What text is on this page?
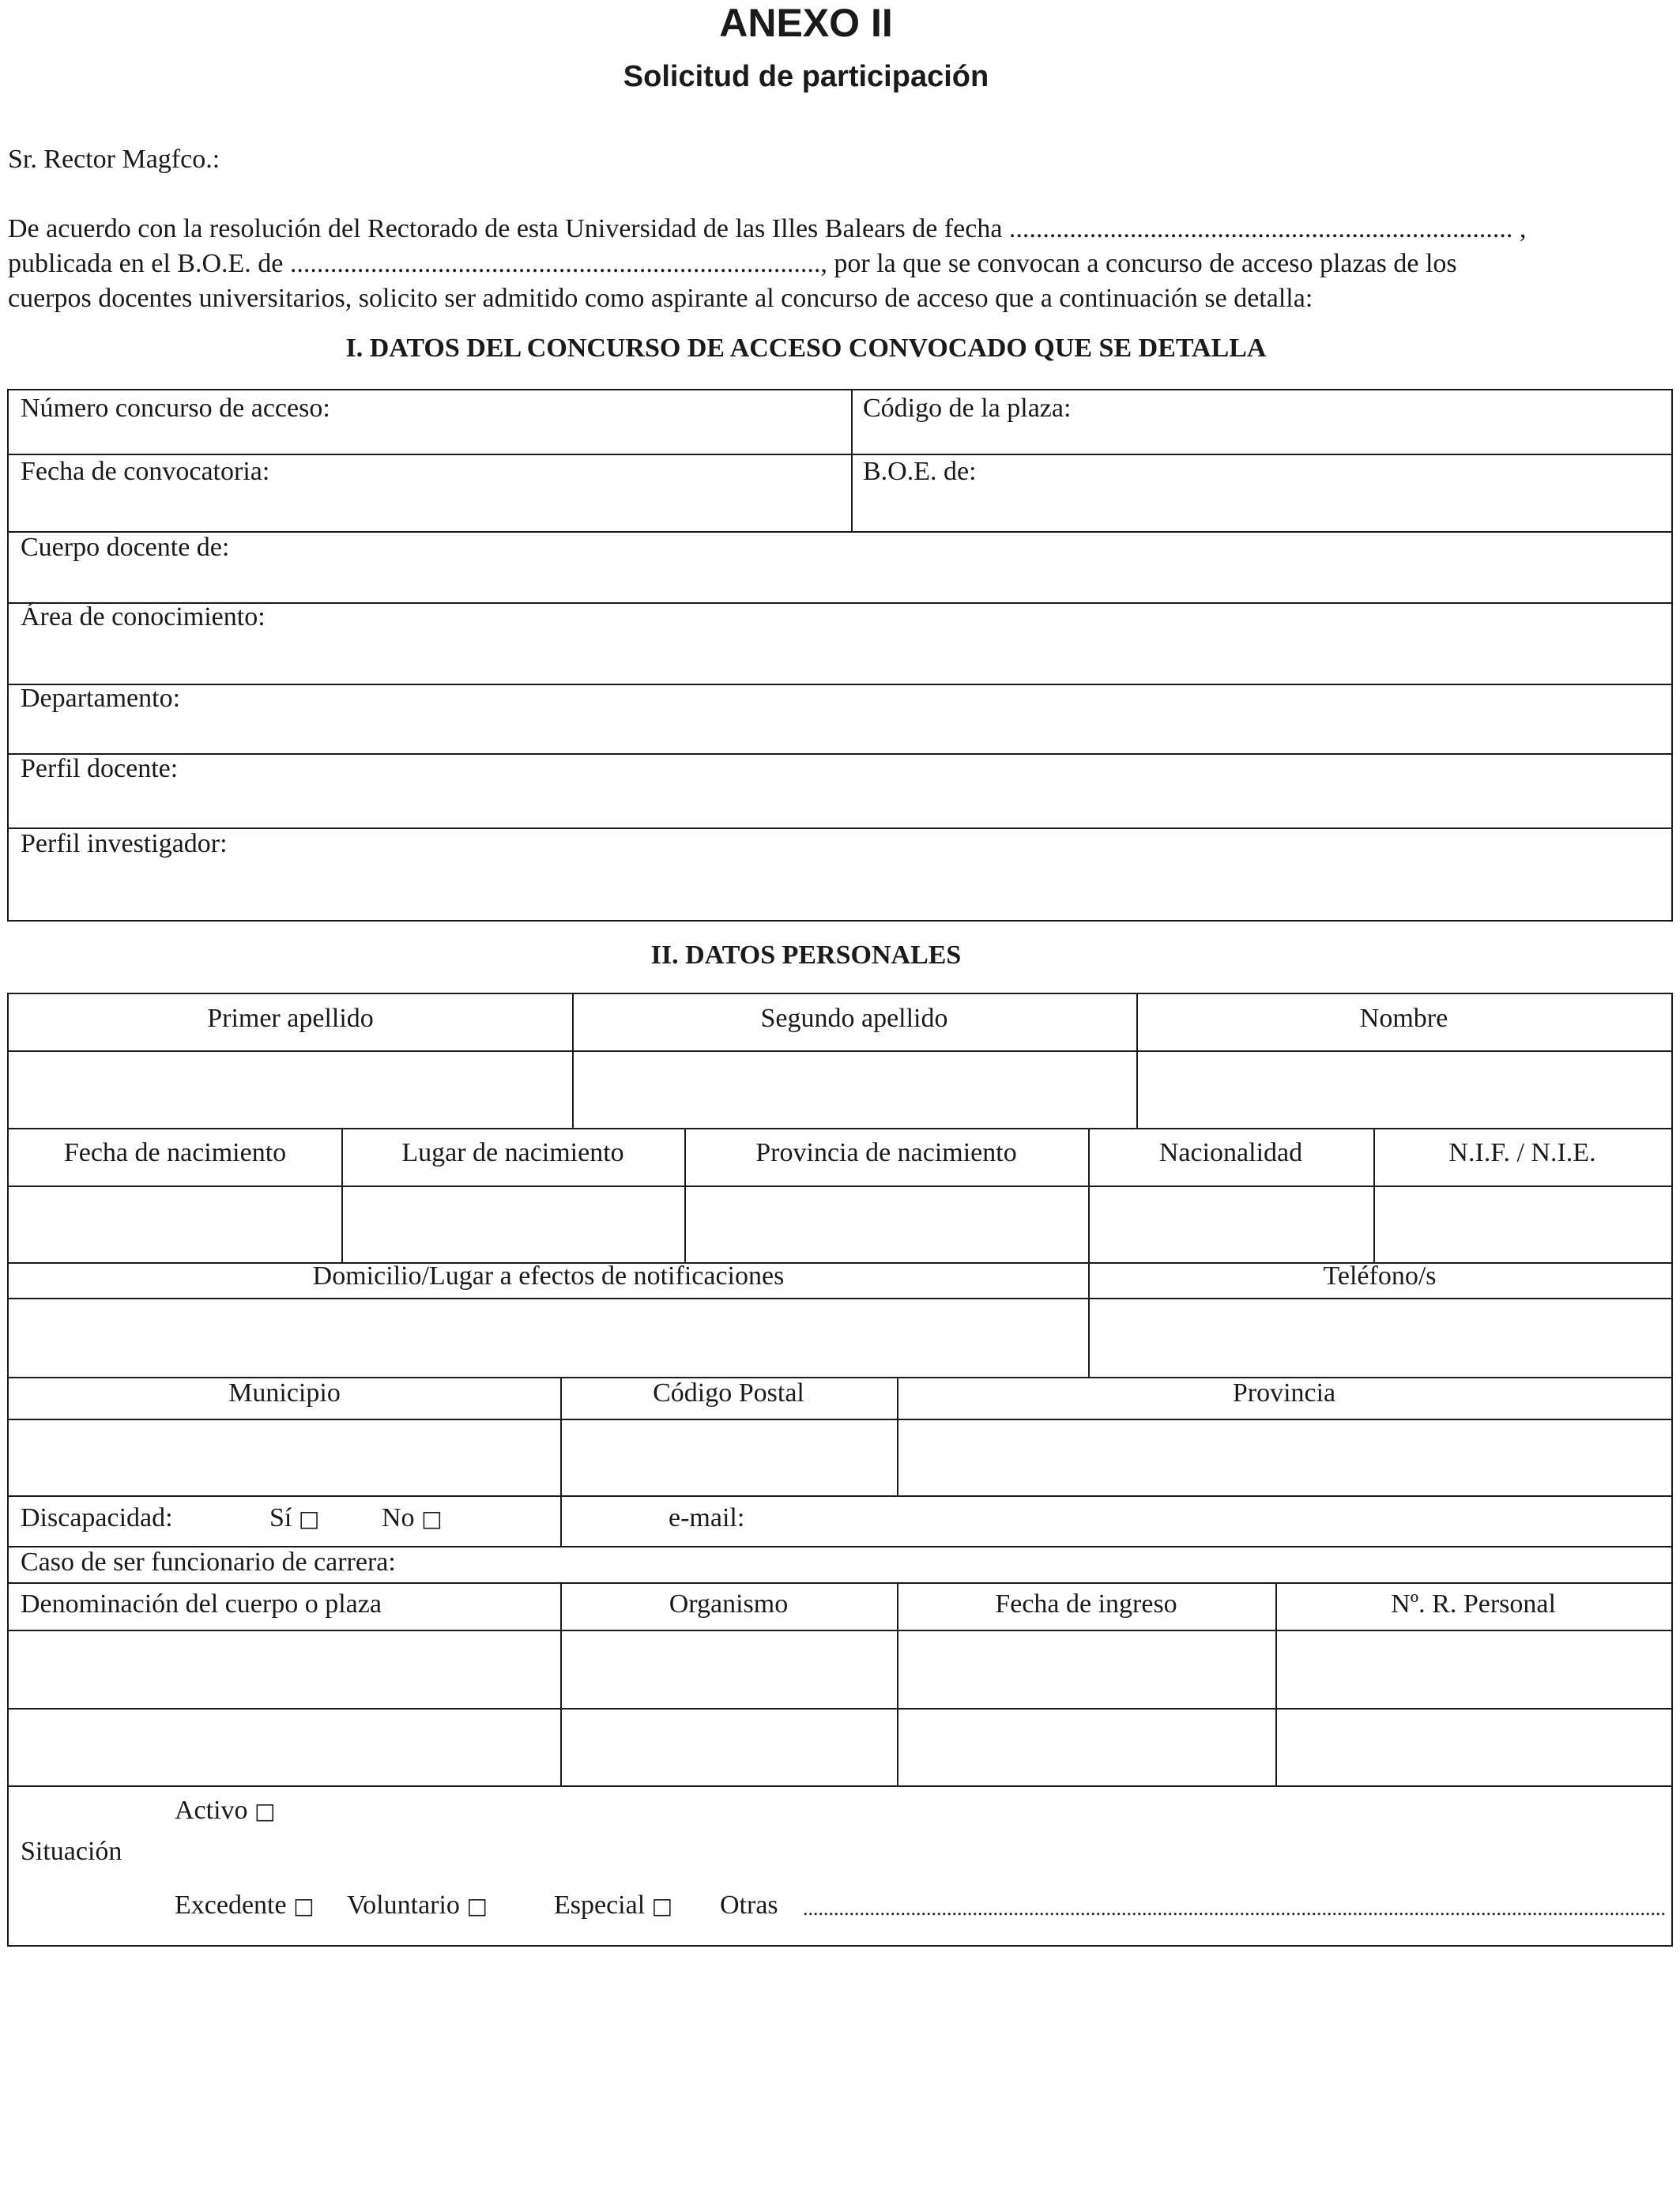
ANEXO II
Solicitud de participación
Sr. Rector Magfco.:
De acuerdo con la resolución del Rectorado de esta Universidad de las Illes Balears de fecha ........................................................................... ,
publicada en el B.O.E. de ..............................................................................., por la que se convocan a concurso de acceso plazas de los
cuerpos docentes universitarios, solicito ser admitido como aspirante al concurso de acceso que a continuación se detalla:
I. DATOS DEL CONCURSO DE ACCESO CONVOCADO QUE SE DETALLA
Número concurso de acceso:	Código de la plaza:
Fecha de convocatoria:	B.O.E. de:
Cuerpo docente de:
Área de conocimiento:
Departamento:
Perfil docente:
Perfil investigador:
II. DATOS PERSONALES
Primer apellido	Segundo apellido	Nombre
Fecha de nacimiento	Lugar de nacimiento	Provincia de nacimiento	Nacionalidad	N.I.F. / N.I.E.
Domicilio/Lugar a efectos de notificaciones	Teléfono/s
Municipio	Código Postal	Provincia
Discapacidad:	Sí □ No □	e-mail:
Caso de ser funcionario de carrera:
Denominación del cuerpo o plaza	Organismo	Fecha de ingreso	Nº. R. Personal
Activo □
Situación
Excedente □ Voluntario □ Especial □ Otras ........................................................................................................................................................................
